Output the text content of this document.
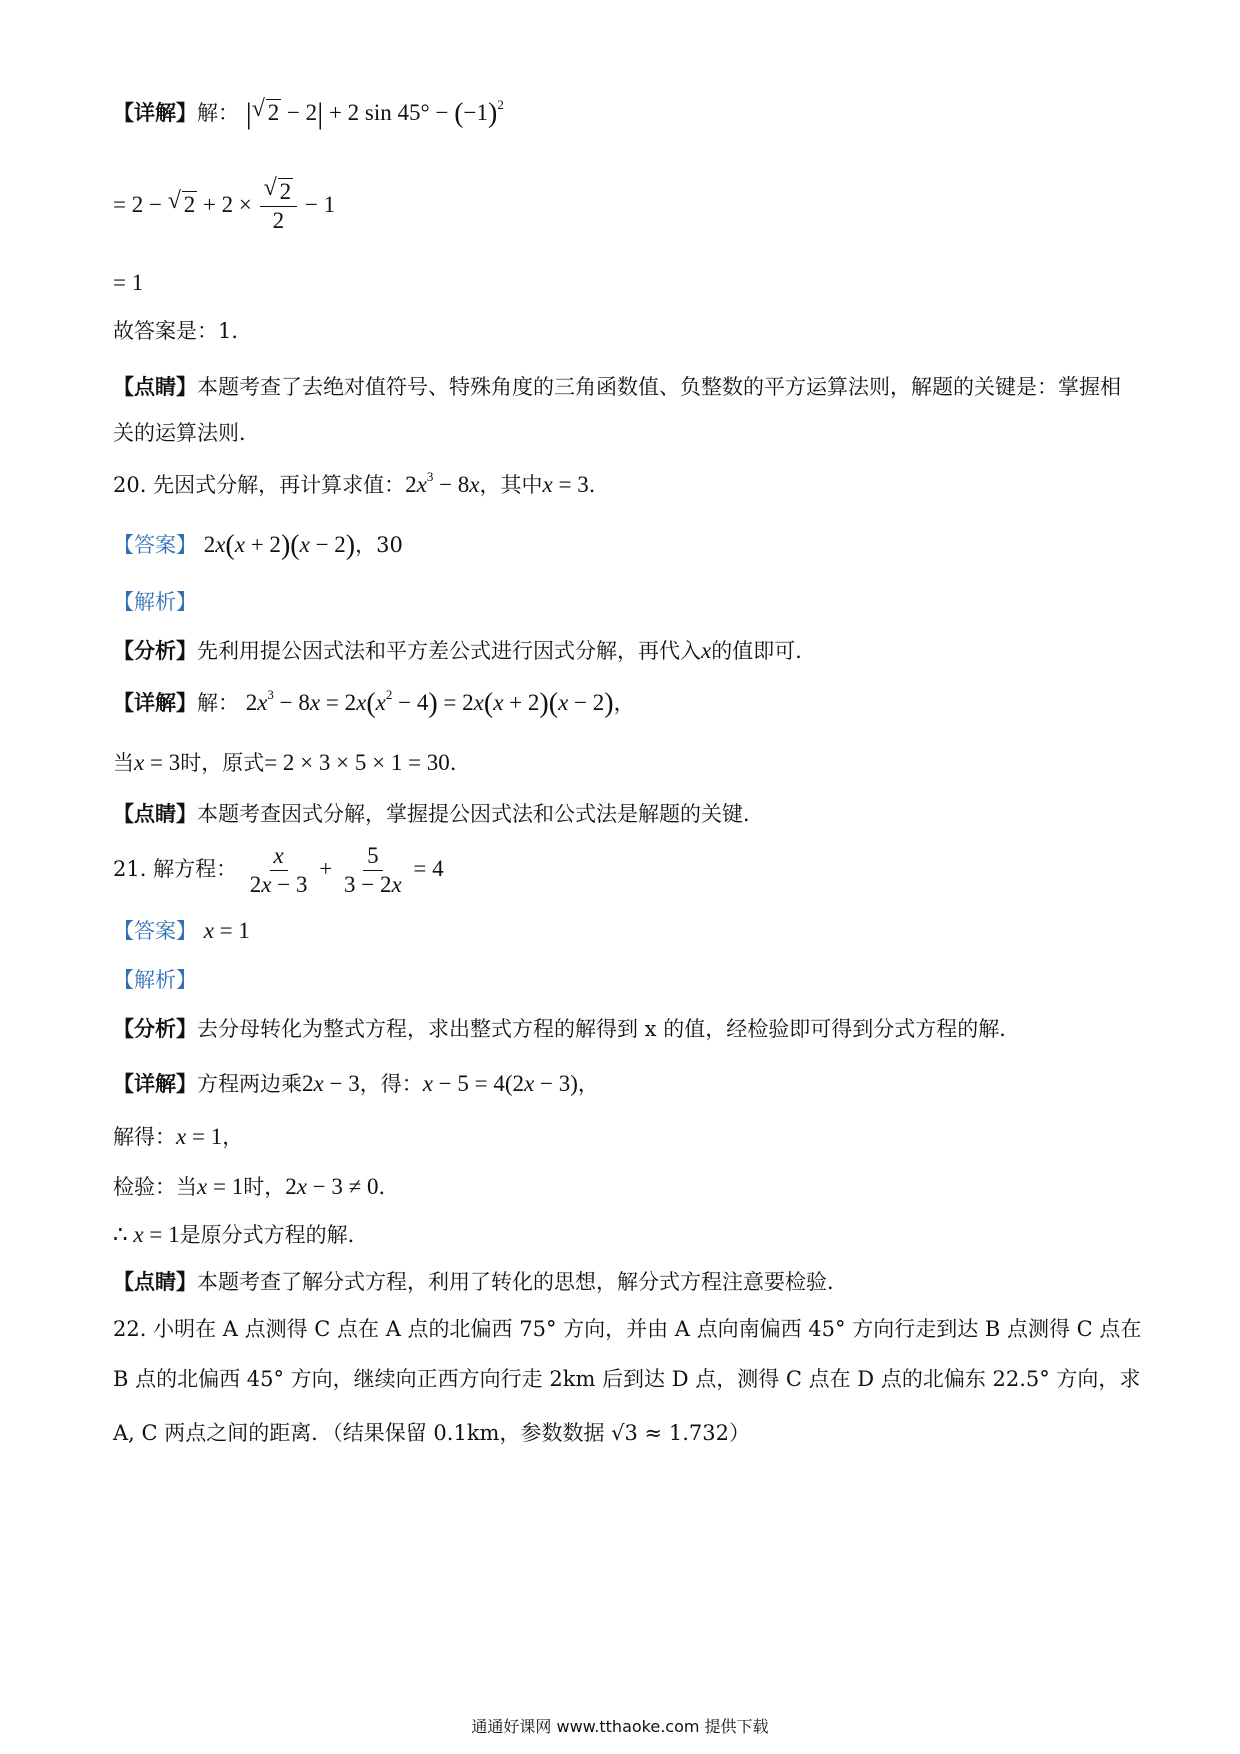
【详解】解： | √ 2 − 2| + 2 $\sin 45^\circ - (-1)^2$
= 2 − √ $2 + 2 \times \frac{√ 2}{2} - 1$
= 1
故答案是：1．
【点睛】本题考查了去绝对值符号、特殊角度的三角函数值、负整数的平方运算法则，解题的关键是：掌握相关的运算法则．
20. 先因式分解，再计算求值：$2x^3 - 8x$，其中x = 3．
【答案】 2x(x + 2)(x − 2)，30
【解析】
【分析】先利用提公因式法和平方差公式进行因式分解，再代入x的值即可．
【详解】解： $2x^3 - 8x = 2x(x^2 - 4) = 2x(x + 2)(x - 2)$，
当x = 3时，原式= 2 × 3 × 5 × 1 = 30．
【点睛】本题考查因式分解，掌握提公因式法和公式法是解题的关键．
21. 解方程： $\frac{x}{2x - 3} + \frac{5}{3 - 2x} = 4$
【答案】 x = 1
【解析】
【分析】去分母转化为整式方程，求出整式方程的解得到 x 的值，经检验即可得到分式方程的解．
【详解】方程两边乘2x − 3，得：x − 5 = 4(2x − 3)，
解得：x = 1，
检验：当x = 1时，2x − 3 ≠ 0．
∴ x = 1是原分式方程的解．
【点睛】本题考查了解分式方程，利用了转化的思想，解分式方程注意要检验．
22. 小明在 A 点测得 C 点在 A 点的北偏西 75° 方向，并由 A 点向南偏西 45° 方向行走到达 B 点测得 C 点在
B 点的北偏西 45° 方向，继续向正西方向行走 2km 后到达 D 点，测得 C 点在 D 点的北偏东 22.5° 方向，求
A, C 两点之间的距离．（结果保留 0.1km，参数数据 √3 ≈ 1.732）
通通好课网 www.tthaoke.com 提供下载
